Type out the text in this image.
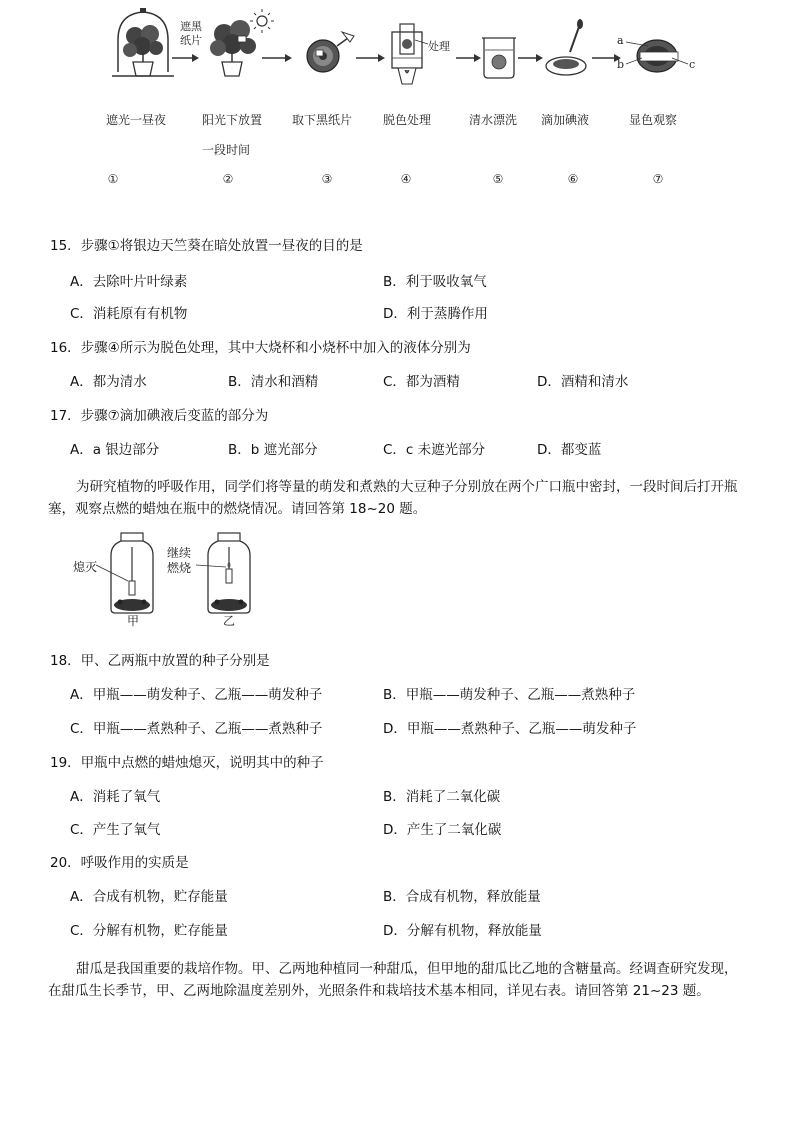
遮黑
纸片	处理	a
b	c
遮光一昼夜	阳光下放置	取下黑纸片	脱色处理	清水漂洗	滴加碘液	显色观察
一段时间
①	②	③	④	⑤	⑥	⑦
15．步骤①将银边天竺葵在暗处放置一昼夜的目的是
A．去除叶片叶绿素	B．利于吸收氧气
C．消耗原有有机物	D．利于蒸腾作用
16．步骤④所示为脱色处理，其中大烧杯和小烧杯中加入的液体分别为
A．都为清水	B．清水和酒精	C．都为酒精	D．酒精和清水
17．步骤⑦滴加碘液后变蓝的部分为
A．a 银边部分	B．b 遮光部分	C．c 未遮光部分	D．都变蓝
为研究植物的呼吸作用，同学们将等量的萌发和煮熟的大豆种子分别放在两个广口瓶中密封，一段时间后打开瓶塞，观察点燃的蜡烛在瓶中的燃烧情况。请回答第 18~20 题。
熄灭
继续
燃烧
甲	乙
18．甲、乙两瓶中放置的种子分别是
A．甲瓶——萌发种子、乙瓶——萌发种子	B．甲瓶——萌发种子、乙瓶——煮熟种子
C．甲瓶——煮熟种子、乙瓶——煮熟种子	D．甲瓶——煮熟种子、乙瓶——萌发种子
19．甲瓶中点燃的蜡烛熄灭，说明其中的种子
A．消耗了氧气	B．消耗了二氧化碳
C．产生了氧气	D．产生了二氧化碳
20．呼吸作用的实质是
A．合成有机物，贮存能量	B．合成有机物，释放能量
C．分解有机物，贮存能量	D．分解有机物，释放能量
甜瓜是我国重要的栽培作物。甲、乙两地种植同一种甜瓜，但甲地的甜瓜比乙地的含糖量高。经调查研究发现，在甜瓜生长季节，甲、乙两地除温度差别外，光照条件和栽培技术基本相同，详见右表。请回答第 21~23 题。
